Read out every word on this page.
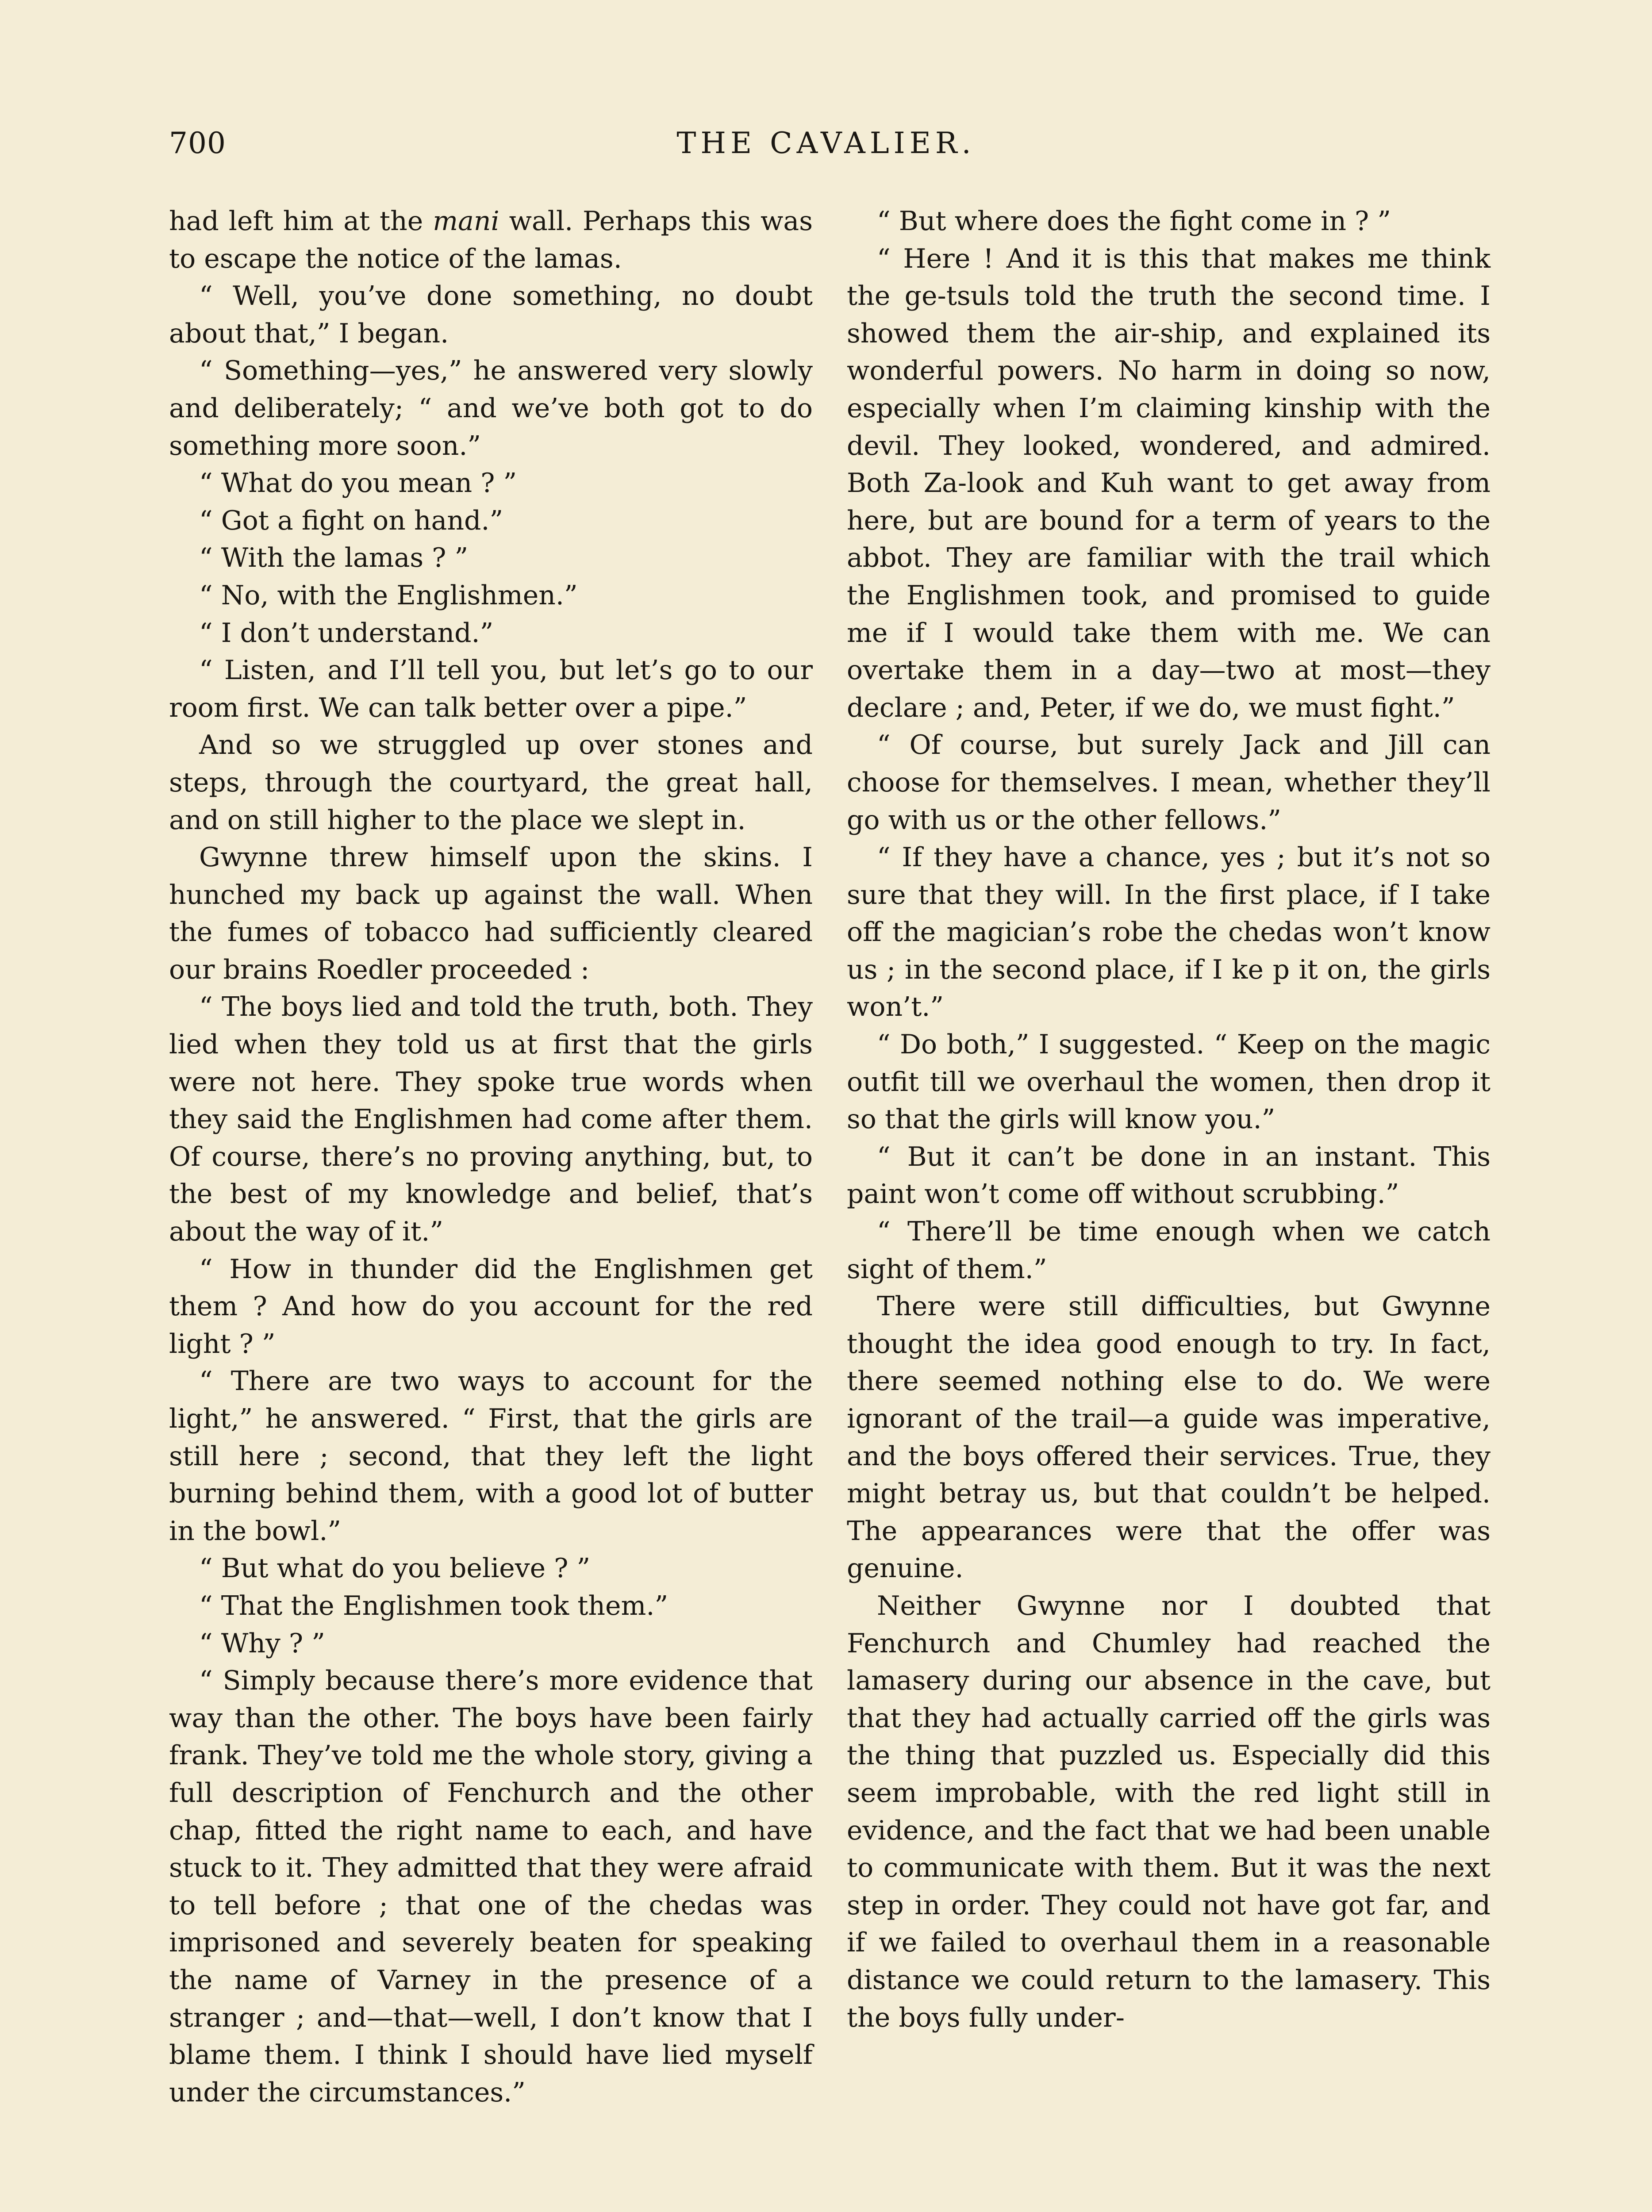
700	THE CAVALIER.

had left him at the mani wall. Perhaps this was to escape the notice of the lamas.

“ Well, you’ve done something, no doubt about that,” I began.

“ Something—yes,” he answered very slowly and deliberately; “ and we’ve both got to do something more soon.”

“ What do you mean ? ”

“ Got a fight on hand.”

“ With the lamas ? ”

“ No, with the Englishmen.”

“ I don’t understand.”

“ Listen, and I’ll tell you, but let’s go to our room first. We can talk better over a pipe.”

And so we struggled up over stones and steps, through the courtyard, the great hall, and on still higher to the place we slept in.

Gwynne threw himself upon the skins. I hunched my back up against the wall. When the fumes of tobacco had sufficiently cleared our brains Roedler proceeded :

“ The boys lied and told the truth, both. They lied when they told us at first that the girls were not here. They spoke true words when they said the Englishmen had come after them. Of course, there’s no proving anything, but, to the best of my knowledge and belief, that’s about the way of it.”

“ How in thunder did the Englishmen get them ? And how do you account for the red light ? ”

“ There are two ways to account for the light,” he answered. “ First, that the girls are still here ; second, that they left the light burning behind them, with a good lot of butter in the bowl.”

“ But what do you believe ? ”

“ That the Englishmen took them.”

“ Why ? ”

“ Simply because there’s more evidence that way than the other. The boys have been fairly frank. They’ve told me the whole story, giving a full description of Fenchurch and the other chap, fitted the right name to each, and have stuck to it. They admitted that they were afraid to tell before ; that one of the chedas was imprisoned and severely beaten for speaking the name of Varney in the presence of a stranger ; and—that—well, I don’t know that I blame them. I think I should have lied myself under the circumstances.”

“ But where does the fight come in ? ”

“ Here ! And it is this that makes me think the ge-tsuls told the truth the second time. I showed them the air-ship, and explained its wonderful powers. No harm in doing so now, especially when I’m claiming kinship with the devil. They looked, wondered, and admired. Both Za-look and Kuh want to get away from here, but are bound for a term of years to the abbot. They are familiar with the trail which the Englishmen took, and promised to guide me if I would take them with me. We can overtake them in a day—two at most—they declare ; and, Peter, if we do, we must fight.”

“ Of course, but surely Jack and Jill can choose for themselves. I mean, whether they’ll go with us or the other fellows.”

“ If they have a chance, yes ; but it’s not so sure that they will. In the first place, if I take off the magician’s robe the chedas won’t know us ; in the second place, if I ke p it on, the girls won’t.”

“ Do both,” I suggested. “ Keep on the magic outfit till we overhaul the women, then drop it so that the girls will know you.”

“ But it can’t be done in an instant. This paint won’t come off without scrubbing.”

“ There’ll be time enough when we catch sight of them.”

There were still difficulties, but Gwynne thought the idea good enough to try. In fact, there seemed nothing else to do. We were ignorant of the trail—a guide was imperative, and the boys offered their services. True, they might betray us, but that couldn’t be helped. The appearances were that the offer was genuine.

Neither Gwynne nor I doubted that Fenchurch and Chumley had reached the lamasery during our absence in the cave, but that they had actually carried off the girls was the thing that puzzled us. Especially did this seem improbable, with the red light still in evidence, and the fact that we had been unable to communicate with them. But it was the next step in order. They could not have got far, and if we failed to overhaul them in a reasonable distance we could return to the lamasery. This the boys fully under-
